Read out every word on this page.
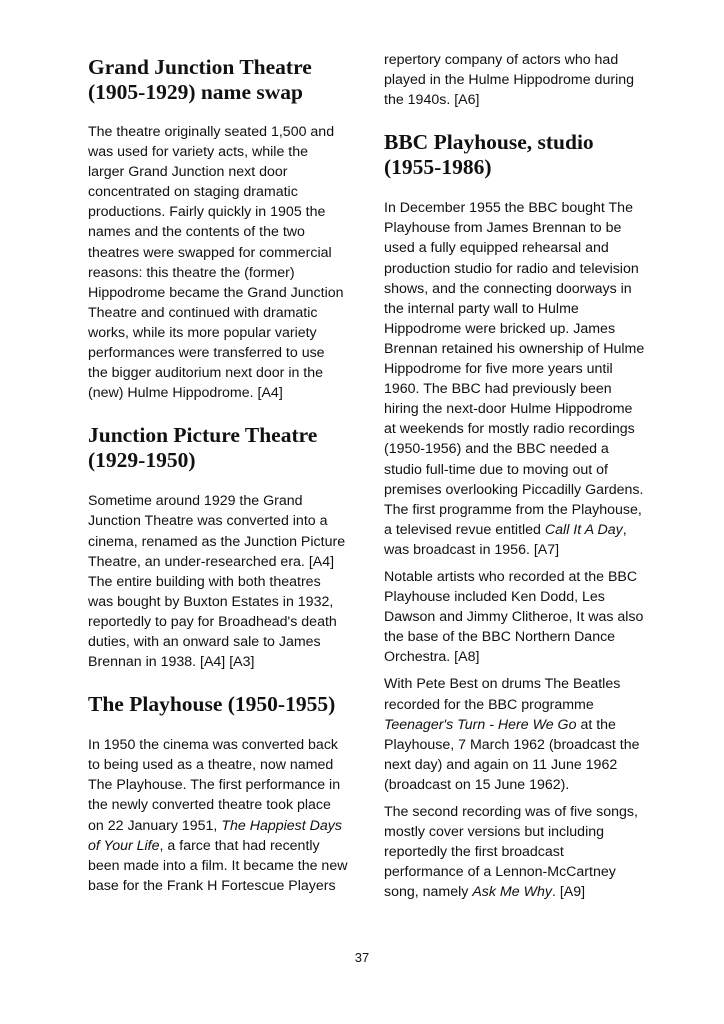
Grand Junction Theatre (1905-1929) name swap

The theatre originally seated 1,500 and was used for variety acts, while the larger Grand Junction next door concentrated on staging dramatic productions. Fairly quickly in 1905 the names and the contents of the two theatres were swapped for commercial reasons: this theatre the (former) Hippodrome became the Grand Junction Theatre and continued with dramatic works, while its more popular variety performances were transferred to use the bigger auditorium next door in the (new) Hulme Hippodrome. [A4]

Junction Picture Theatre (1929-1950)

Sometime around 1929 the Grand Junction Theatre was converted into a cinema, renamed as the Junction Picture Theatre, an under-researched era. [A4] The entire building with both theatres was bought by Buxton Estates in 1932, reportedly to pay for Broadhead's death duties, with an onward sale to James Brennan in 1938. [A4] [A3]

The Playhouse (1950-1955)

In 1950 the cinema was converted back to being used as a theatre, now named The Playhouse. The first performance in the newly converted theatre took place on 22 January 1951, The Happiest Days of Your Life, a farce that had recently been made into a film. It became the new base for the Frank H Fortescue Players

repertory company of actors who had played in the Hulme Hippodrome during the 1940s. [A6]

BBC Playhouse, studio (1955-1986)

In December 1955 the BBC bought The Playhouse from James Brennan to be used a fully equipped rehearsal and production studio for radio and television shows, and the connecting doorways in the internal party wall to Hulme Hippodrome were bricked up. James Brennan retained his ownership of Hulme Hippodrome for five more years until 1960. The BBC had previously been hiring the next-door Hulme Hippodrome at weekends for mostly radio recordings (1950-1956) and the BBC needed a studio full-time due to moving out of premises overlooking Piccadilly Gardens. The first programme from the Playhouse, a televised revue entitled Call It A Day, was broadcast in 1956. [A7]

Notable artists who recorded at the BBC Playhouse included Ken Dodd, Les Dawson and Jimmy Clitheroe, It was also the base of the BBC Northern Dance Orchestra. [A8]

With Pete Best on drums The Beatles recorded for the BBC programme Teenager's Turn - Here We Go at the Playhouse, 7 March 1962 (broadcast the next day) and again on 11 June 1962 (broadcast on 15 June 1962).

The second recording was of five songs, mostly cover versions but including reportedly the first broadcast performance of a Lennon-McCartney song, namely Ask Me Why. [A9]

37
